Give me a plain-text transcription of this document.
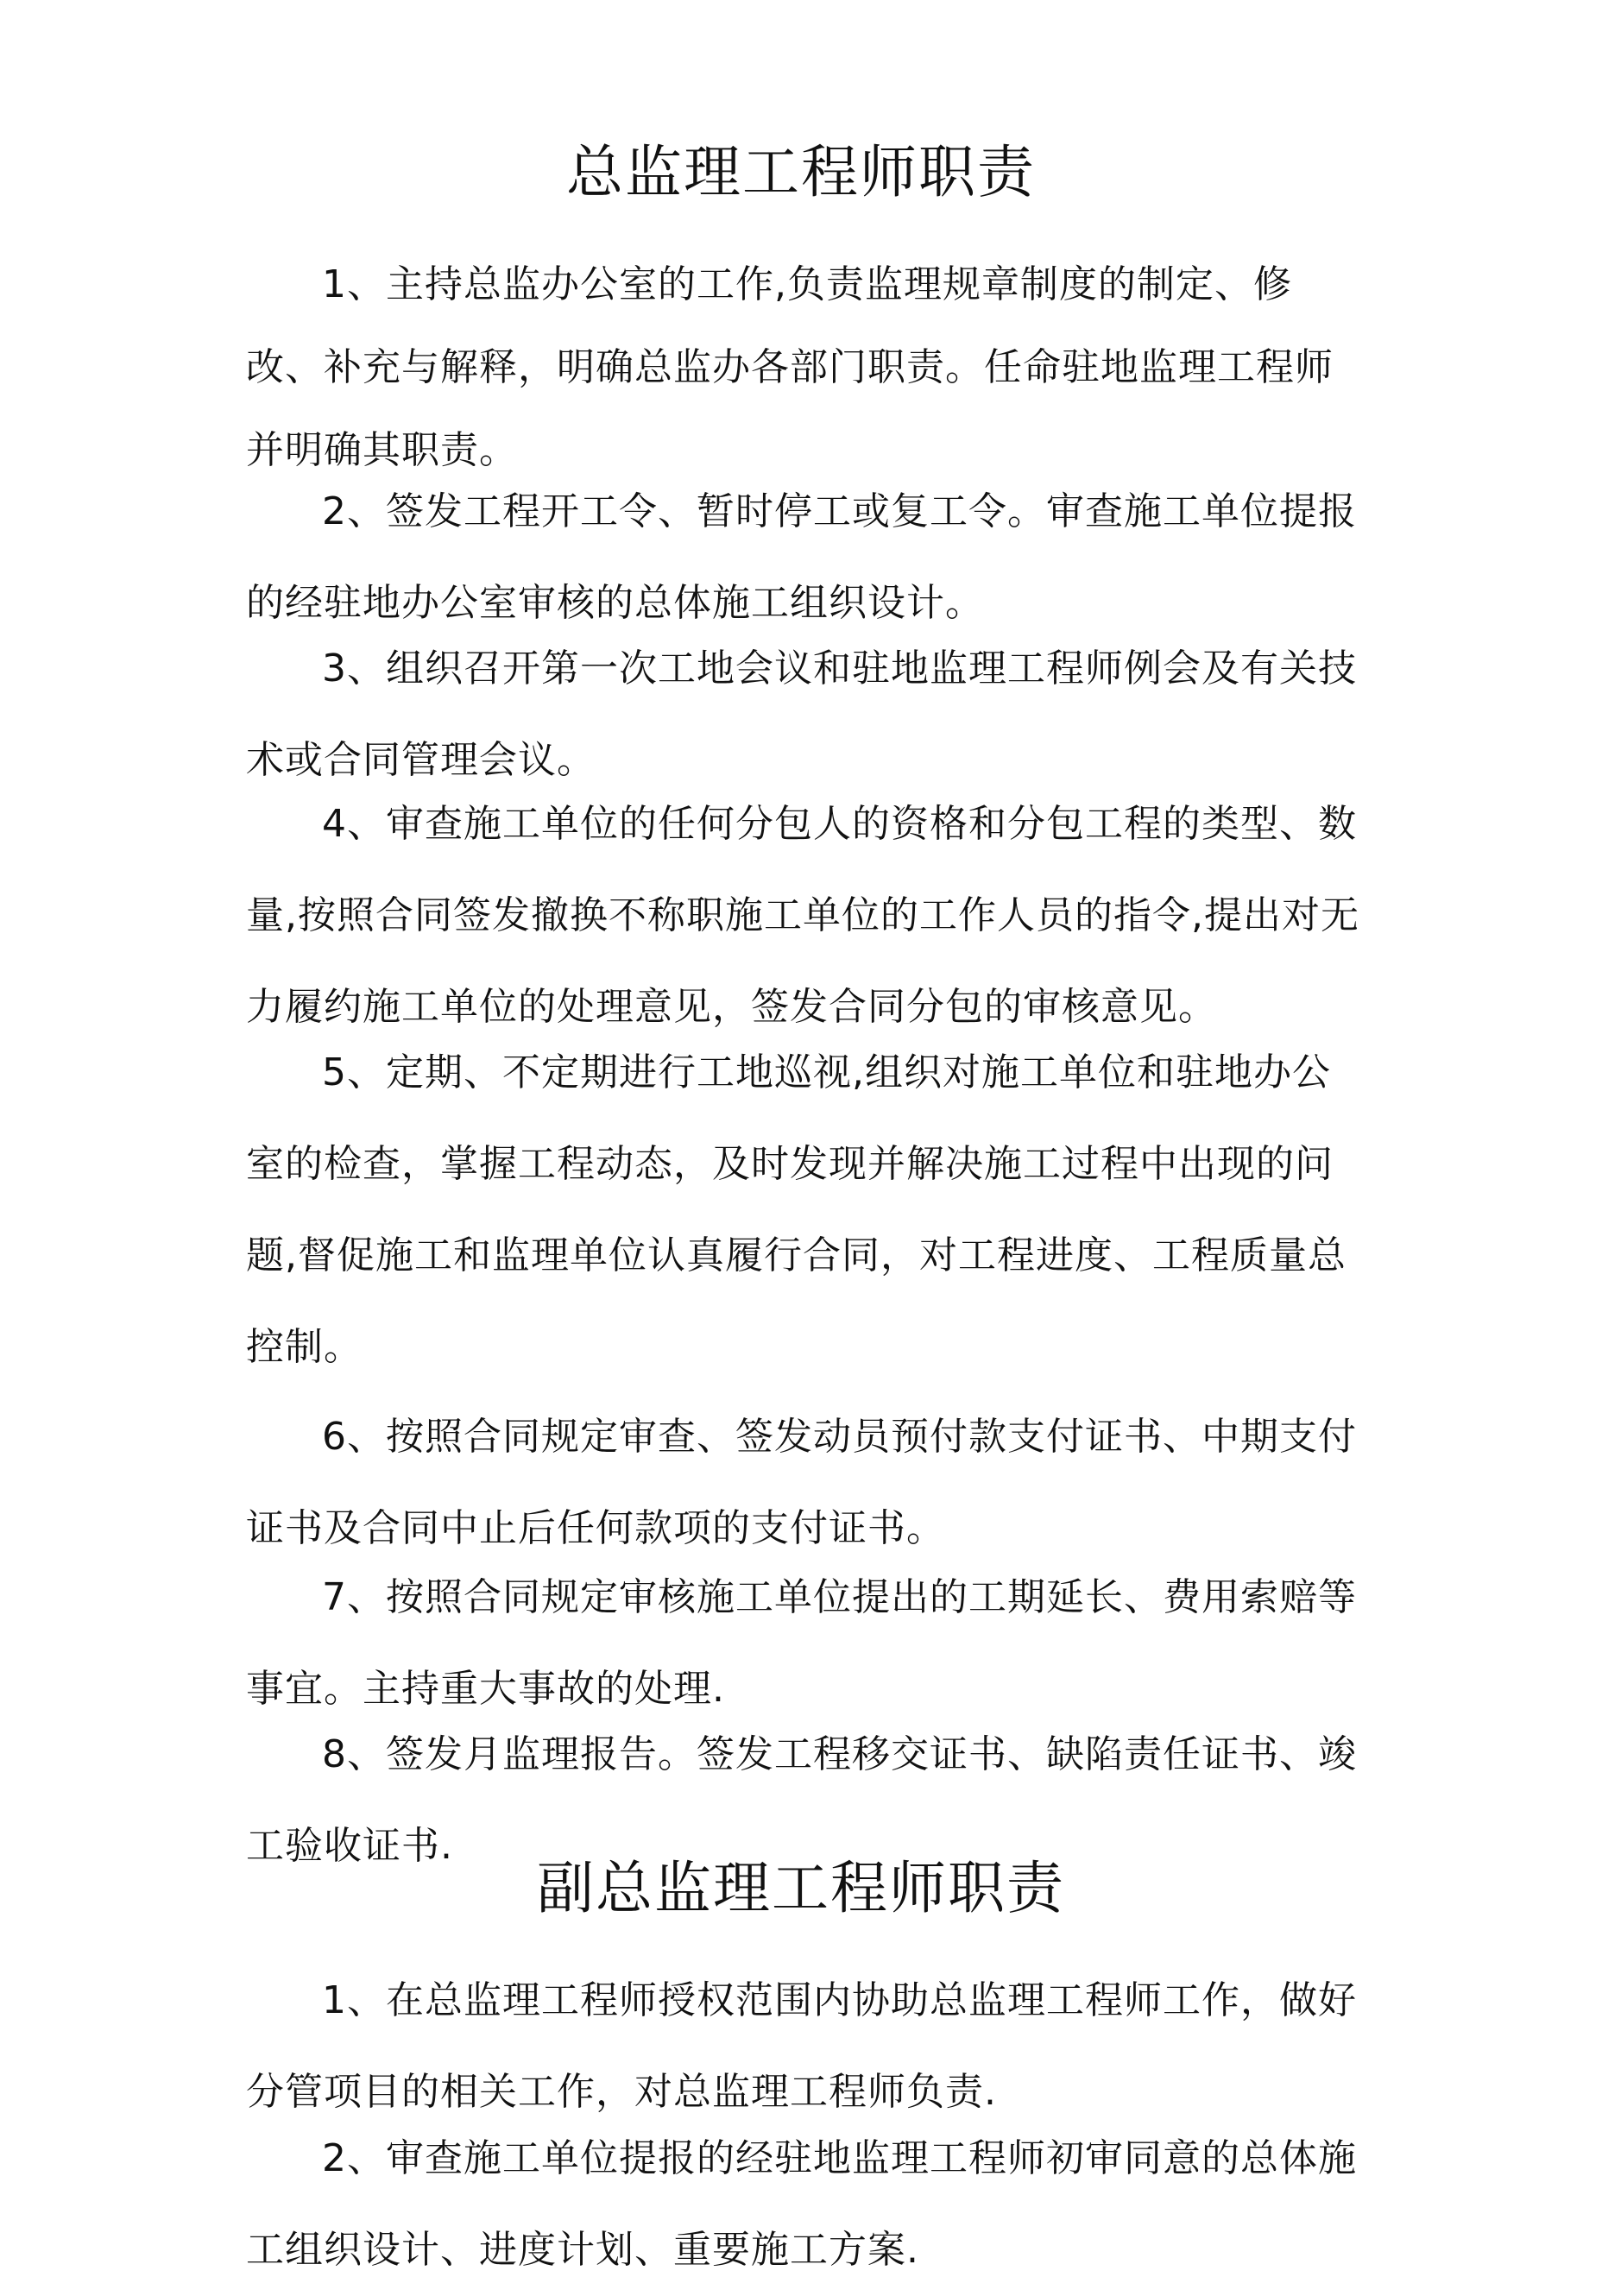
总监理工程师职责

1、主持总监办公室的工作,负责监理规章制度的制定、修改、补充与解释，明确总监办各部门职责。任命驻地监理工程师并明确其职责。

2、签发工程开工令、暂时停工或复工令。审查施工单位提报的经驻地办公室审核的总体施工组织设计。

3、组织召开第一次工地会议和驻地监理工程师例会及有关技术或合同管理会议。

4、审查施工单位的任何分包人的资格和分包工程的类型、数量,按照合同签发撤换不称职施工单位的工作人员的指令,提出对无力履约施工单位的处理意见，签发合同分包的审核意见。

5、定期、不定期进行工地巡视,组织对施工单位和驻地办公室的检查，掌握工程动态，及时发现并解决施工过程中出现的问题,督促施工和监理单位认真履行合同，对工程进度、工程质量总控制。

6、按照合同规定审查、签发动员预付款支付证书、中期支付证书及合同中止后任何款项的支付证书。

7、按照合同规定审核施工单位提出的工期延长、费用索赔等事宜。主持重大事故的处理.

8、签发月监理报告。签发工程移交证书、缺陷责任证书、竣工验收证书.

副总监理工程师职责

1、在总监理工程师授权范围内协助总监理工程师工作，做好分管项目的相关工作，对总监理工程师负责.

2、审查施工单位提报的经驻地监理工程师初审同意的总体施工组织设计、进度计划、重要施工方案.
